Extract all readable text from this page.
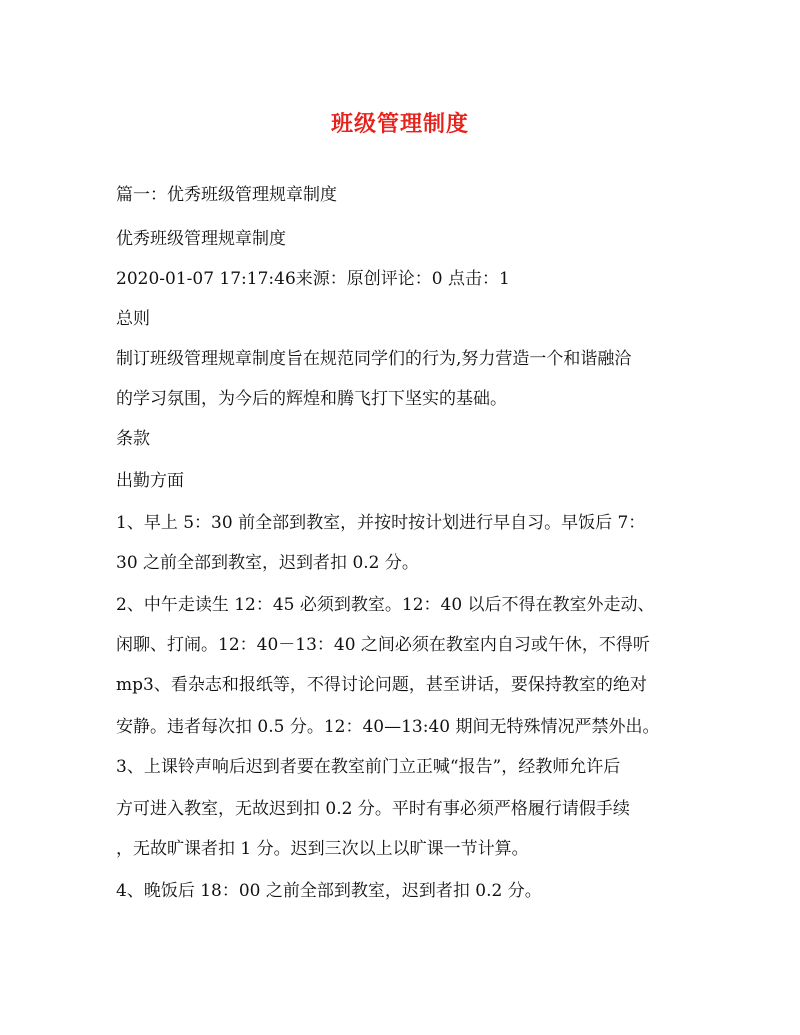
班级管理制度

篇一：优秀班级管理规章制度

优秀班级管理规章制度

2020-01-07 17:17:46来源：原创评论：0 点击：1

总则

制订班级管理规章制度旨在规范同学们的行为,努力营造一个和谐融洽

的学习氛围，为今后的辉煌和腾飞打下坚实的基础。

条款

出勤方面

1、早上 5：30 前全部到教室，并按时按计划进行早自习。早饭后 7：

30 之前全部到教室，迟到者扣 0.2 分。

2、中午走读生 12：45 必须到教室。12：40 以后不得在教室外走动、

闲聊、打闹。12：40－13：40 之间必须在教室内自习或午休，不得听

mp3、看杂志和报纸等，不得讨论问题，甚至讲话，要保持教室的绝对

安静。违者每次扣 0.5 分。12：40—13:40 期间无特殊情况严禁外出。

3、上课铃声响后迟到者要在教室前门立正喊“报告”，经教师允许后

方可进入教室，无故迟到扣 0.2 分。平时有事必须严格履行请假手续

，无故旷课者扣 1 分。迟到三次以上以旷课一节计算。

4、晚饭后 18：00 之前全部到教室，迟到者扣 0.2 分。
